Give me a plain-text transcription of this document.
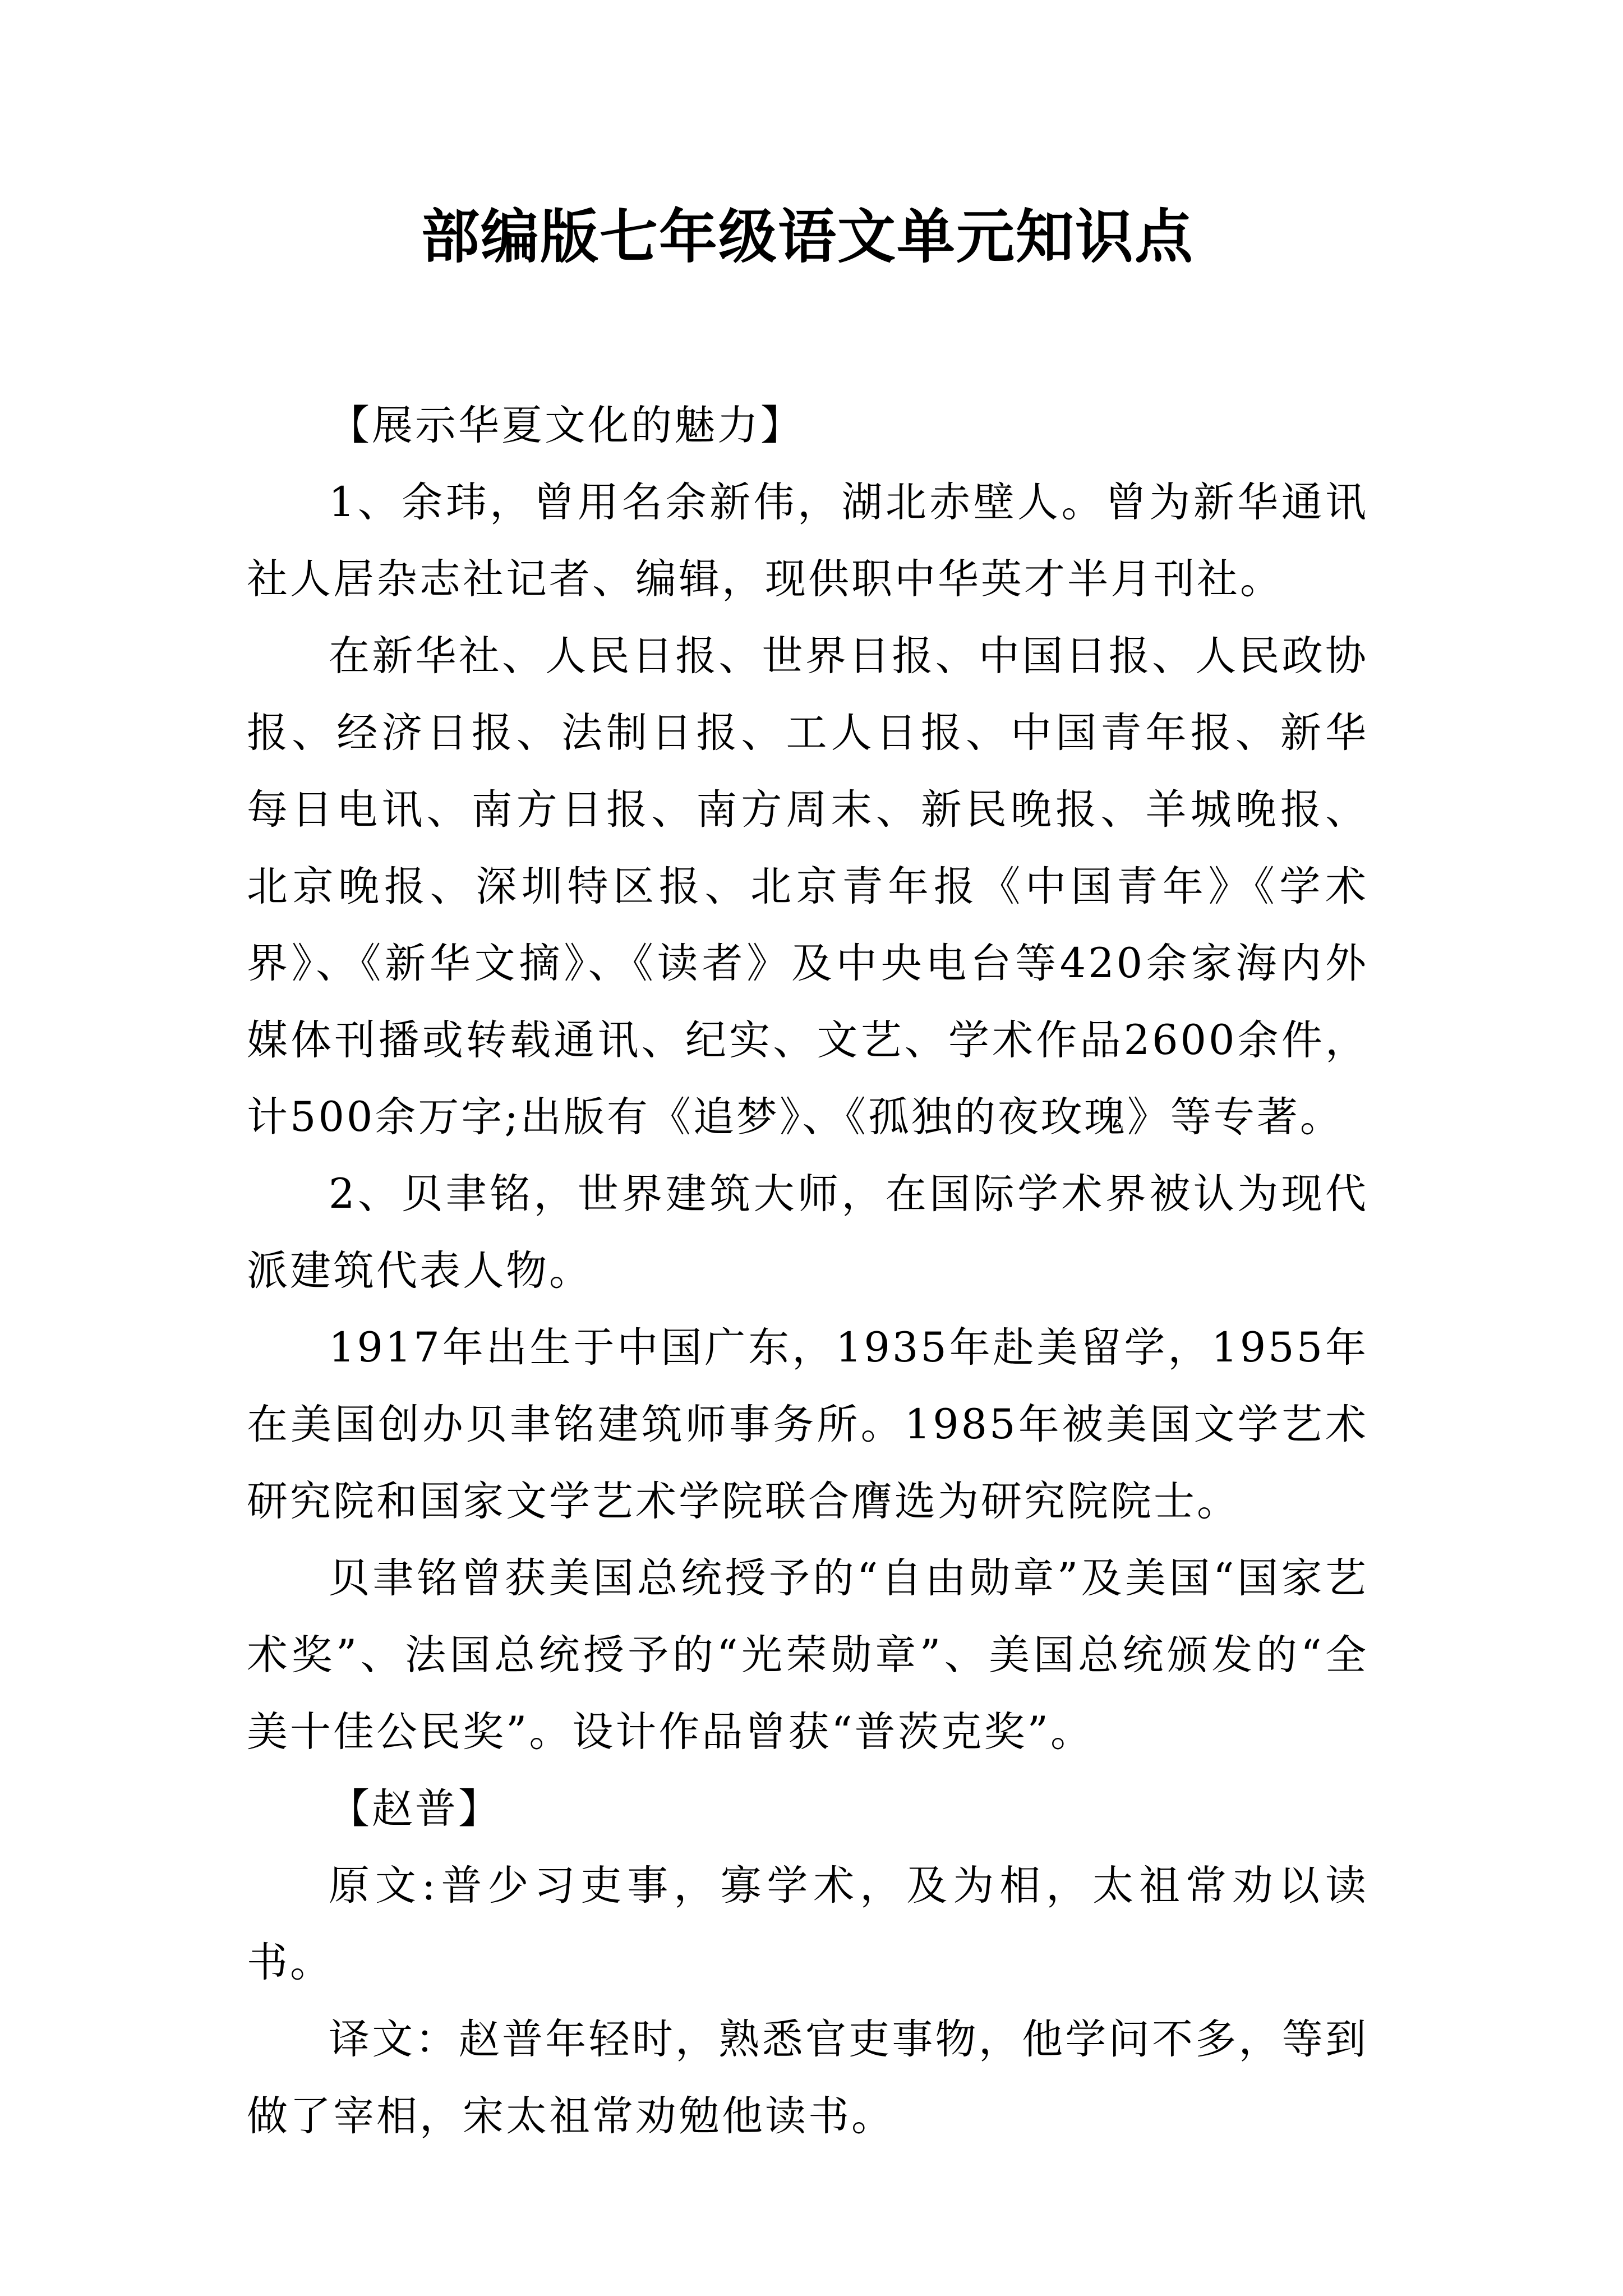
部编版七年级语文单元知识点

【展示华夏文化的魅力】

1、余玮，曾用名余新伟，湖北赤壁人。曾为新华通讯社人居杂志社记者、编辑，现供职中华英才半月刊社。

在新华社、人民日报、世界日报、中国日报、人民政协报、经济日报、法制日报、工人日报、中国青年报、新华每日电讯、南方日报、南方周末、新民晚报、羊城晚报、北京晚报、深圳特区报、北京青年报《中国青年》《学术界》、《新华文摘》、《读者》及中央电台等420余家海内外媒体刊播或转载通讯、纪实、文艺、学术作品2600余件，计500余万字;出版有《追梦》、《孤独的夜玫瑰》等专著。

2、贝聿铭，世界建筑大师，在国际学术界被认为现代派建筑代表人物。

1917年出生于中国广东，1935年赴美留学，1955年在美国创办贝聿铭建筑师事务所。1985年被美国文学艺术研究院和国家文学艺术学院联合膺选为研究院院士。

贝聿铭曾获美国总统授予的“自由勋章”及美国“国家艺术奖”、法国总统授予的“光荣勋章”、美国总统颁发的“全美十佳公民奖”。设计作品曾获“普茨克奖”。

【赵普】

原文:普少习吏事，寡学术，及为相，太祖常劝以读书。

译文：赵普年轻时，熟悉官吏事物，他学问不多，等到做了宰相，宋太祖常劝勉他读书。
